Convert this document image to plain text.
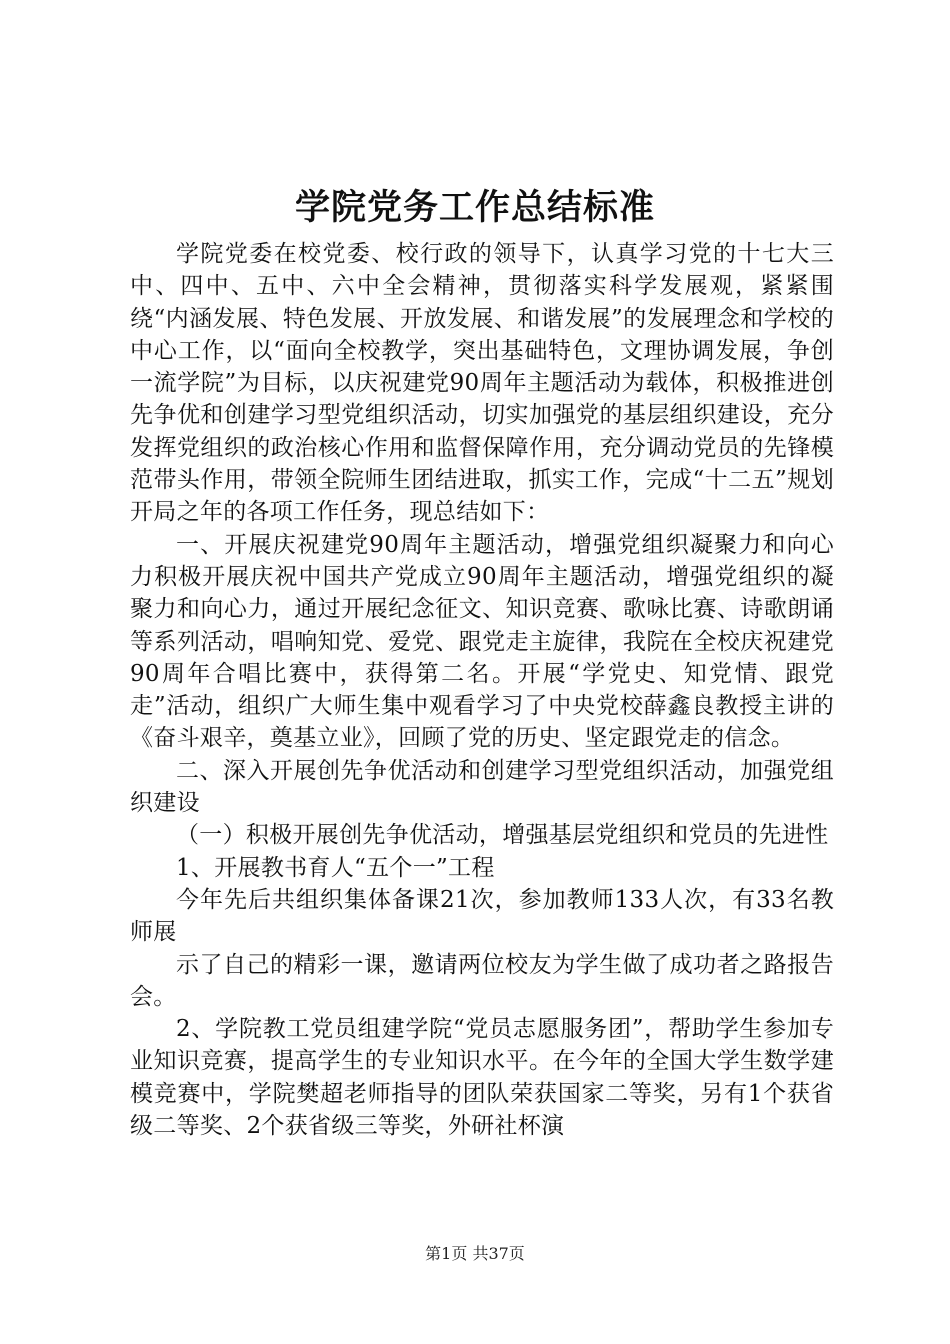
学院党务工作总结标准

学院党委在校党委、校行政的领导下，认真学习党的十七大三中、四中、五中、六中全会精神，贯彻落实科学发展观，紧紧围绕“内涵发展、特色发展、开放发展、和谐发展”的发展理念和学校的中心工作，以“面向全校教学，突出基础特色，文理协调发展，争创一流学院”为目标，以庆祝建党90周年主题活动为载体，积极推进创先争优和创建学习型党组织活动，切实加强党的基层组织建设，充分发挥党组织的政治核心作用和监督保障作用，充分调动党员的先锋模范带头作用，带领全院师生团结进取，抓实工作，完成“十二五”规划开局之年的各项工作任务，现总结如下：

一、开展庆祝建党90周年主题活动，增强党组织凝聚力和向心力积极开展庆祝中国共产党成立90周年主题活动，增强党组织的凝聚力和向心力，通过开展纪念征文、知识竞赛、歌咏比赛、诗歌朗诵等系列活动，唱响知党、爱党、跟党走主旋律，我院在全校庆祝建党90周年合唱比赛中，获得第二名。开展“学党史、知党情、跟党走”活动，组织广大师生集中观看学习了中央党校薛鑫良教授主讲的《奋斗艰辛，奠基立业》，回顾了党的历史、坚定跟党走的信念。

二、深入开展创先争优活动和创建学习型党组织活动，加强党组织建设

（一）积极开展创先争优活动，增强基层党组织和党员的先进性

1、开展教书育人“五个一”工程

今年先后共组织集体备课21次，参加教师133人次，有33名教师展

示了自己的精彩一课，邀请两位校友为学生做了成功者之路报告会。

2、学院教工党员组建学院“党员志愿服务团”，帮助学生参加专业知识竞赛，提高学生的专业知识水平。在今年的全国大学生数学建模竞赛中，学院樊超老师指导的团队荣获国家二等奖，另有1个获省级二等奖、2个获省级三等奖，外研社杯演

第1页 共37页
